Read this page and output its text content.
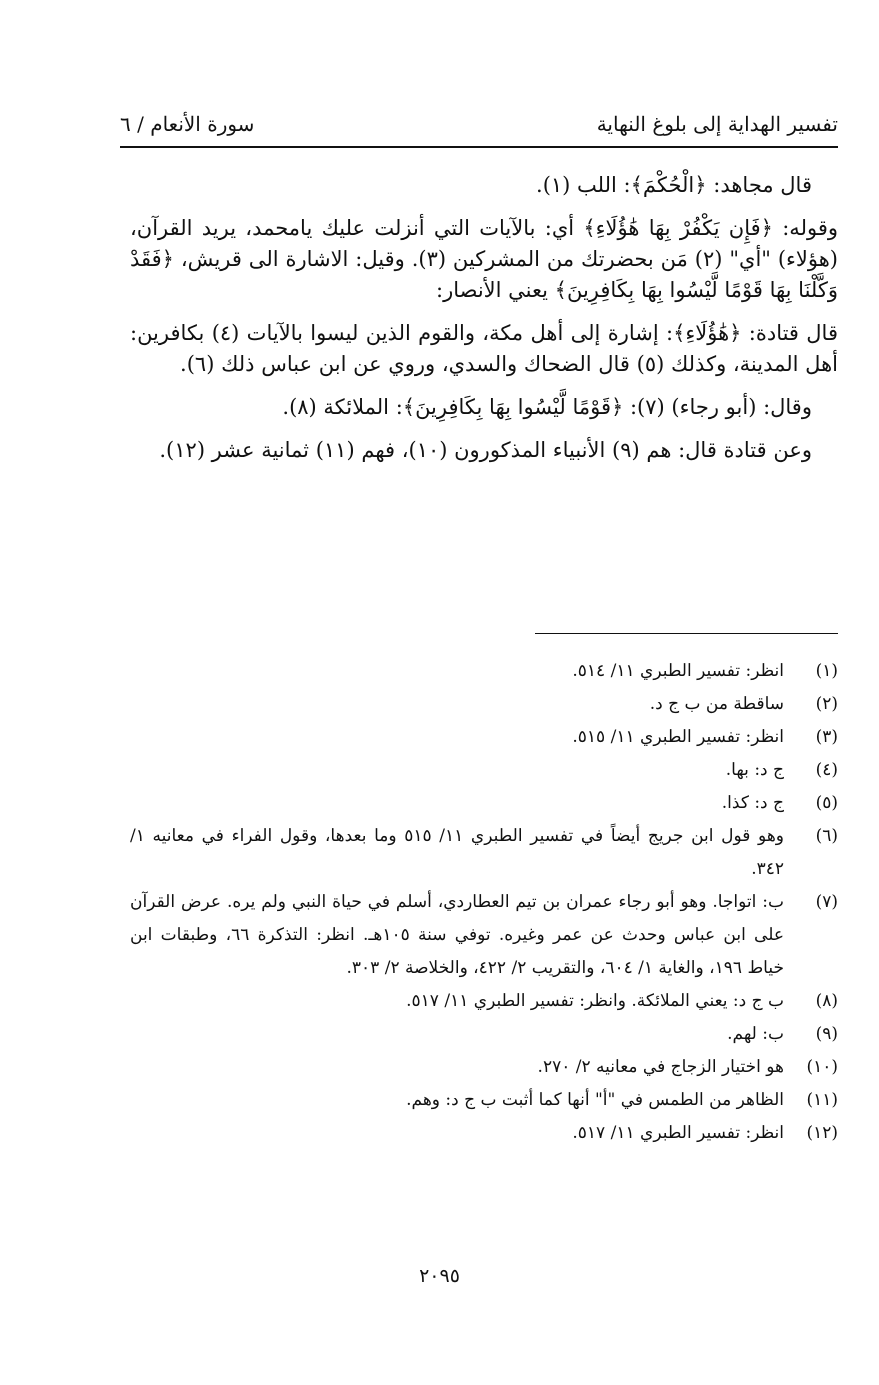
تفسير الهداية إلى بلوغ النهاية
سورة الأنعام / ٦

قال مجاهد: ﴿الْحُكْمَ﴾: اللب (١).

وقوله: ﴿فَإِن يَكْفُرْ بِهَا هَٰؤُلَاءِ﴾ أي: بالآيات التي أنزلت عليك يامحمد، يريد القرآن، (هؤلاء) "أي" (٢) مَن بحضرتك من المشركين (٣). وقيل: الاشارة الى قريش، ﴿فَقَدْ وَكَّلْنَا بِهَا قَوْمًا لَّيْسُوا بِهَا بِكَافِرِينَ﴾ يعني الأنصار:

قال قتادة: ﴿هَٰؤُلَاءِ﴾: إشارة إلى أهل مكة، والقوم الذين ليسوا بالآيات (٤) بكافرين: أهل المدينة، وكذلك (٥) قال الضحاك والسدي، وروي عن ابن عباس ذلك (٦).

وقال: (أبو رجاء) (٧): ﴿قَوْمًا لَّيْسُوا بِهَا بِكَافِرِينَ﴾: الملائكة (٨).

وعن قتادة قال: هم (٩) الأنبياء المذكورون (١٠)، فهم (١١) ثمانية عشر (١٢).

(١)
انظر: تفسير الطبري ١١/ ٥١٤.
(٢)
ساقطة من ب ج د.
(٣)
انظر: تفسير الطبري ١١/ ٥١٥.
(٤)
ج د: بها.
(٥)
ج د: كذا.
(٦)
وهو قول ابن جريج أيضاً في تفسير الطبري ١١/ ٥١٥ وما بعدها، وقول الفراء في معانيه ١/ ٣٤٢.
(٧)
ب: اتواجا. وهو أبو رجاء عمران بن تيم العطاردي، أسلم في حياة النبي ولم يره. عرض القرآن على ابن عباس وحدث عن عمر وغيره. توفي سنة ١٠٥هـ. انظر: التذكرة ٦٦، وطبقات ابن خياط ١٩٦، والغاية ١/ ٦٠٤، والتقريب ٢/ ٤٢٢، والخلاصة ٢/ ٣٠٣.
(٨)
ب ج د: يعني الملائكة. وانظر: تفسير الطبري ١١/ ٥١٧.
(٩)
ب: لهم.
(١٠)
هو اختيار الزجاج في معانيه ٢/ ٢٧٠.
(١١)
الظاهر من الطمس في "أ" أنها كما أثبت ب ج د: وهم.
(١٢)
انظر: تفسير الطبري ١١/ ٥١٧.
٢٠٩٥
